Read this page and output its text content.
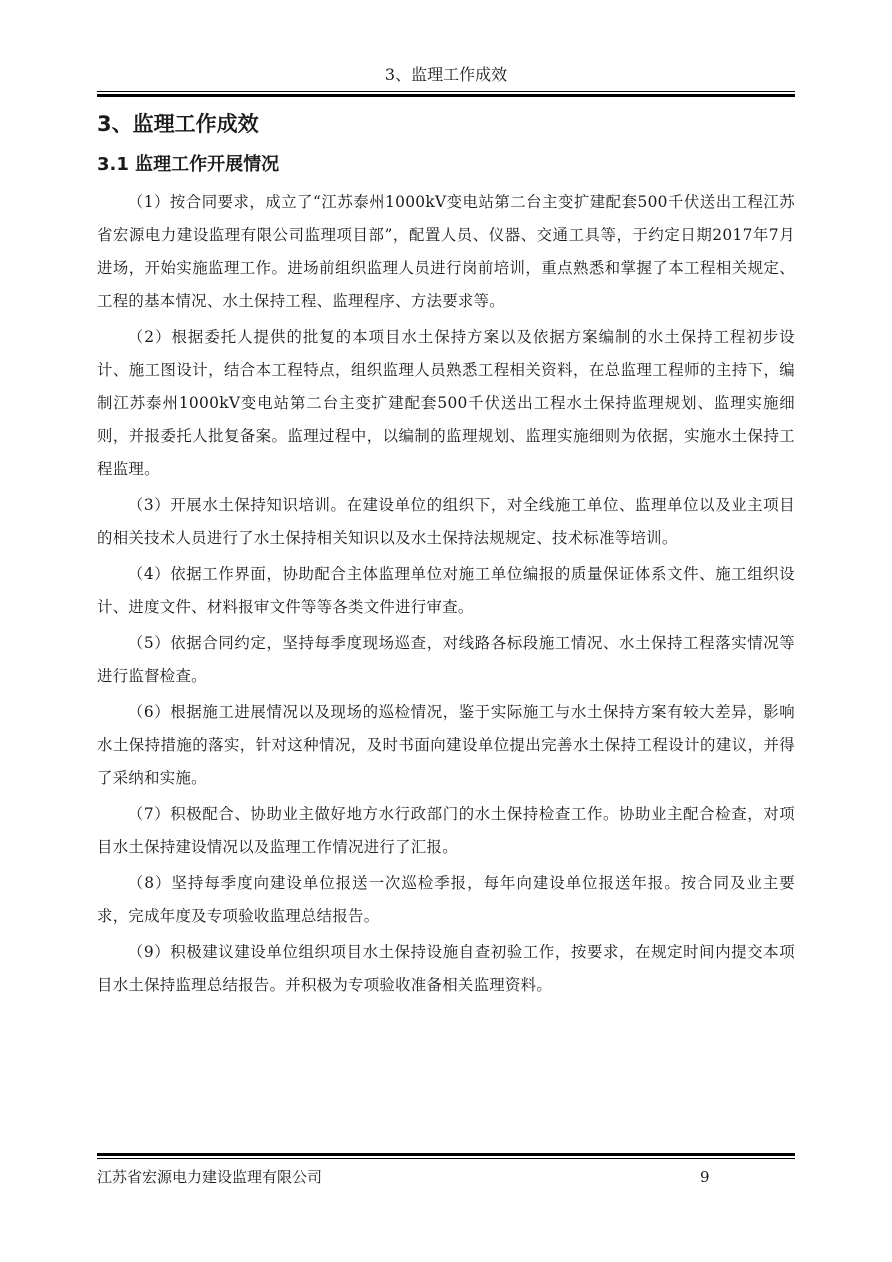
3、监理工作成效
3、监理工作成效
3.1 监理工作开展情况

（1）按合同要求，成立了“江苏泰州1000kV变电站第二台主变扩建配套500千伏送出工程江苏省宏源电力建设监理有限公司监理项目部”，配置人员、仪器、交通工具等，于约定日期2017年7月进场，开始实施监理工作。进场前组织监理人员进行岗前培训，重点熟悉和掌握了本工程相关规定、工程的基本情况、水土保持工程、监理程序、方法要求等。

（2）根据委托人提供的批复的本项目水土保持方案以及依据方案编制的水土保持工程初步设计、施工图设计，结合本工程特点，组织监理人员熟悉工程相关资料，在总监理工程师的主持下，编制江苏泰州1000kV变电站第二台主变扩建配套500千伏送出工程水土保持监理规划、监理实施细则，并报委托人批复备案。监理过程中，以编制的监理规划、监理实施细则为依据，实施水土保持工程监理。

（3）开展水土保持知识培训。在建设单位的组织下，对全线施工单位、监理单位以及业主项目的相关技术人员进行了水土保持相关知识以及水土保持法规规定、技术标准等培训。

（4）依据工作界面，协助配合主体监理单位对施工单位编报的质量保证体系文件、施工组织设计、进度文件、材料报审文件等等各类文件进行审查。

（5）依据合同约定，坚持每季度现场巡查，对线路各标段施工情况、水土保持工程落实情况等进行监督检查。

（6）根据施工进展情况以及现场的巡检情况，鉴于实际施工与水土保持方案有较大差异，影响水土保持措施的落实，针对这种情况，及时书面向建设单位提出完善水土保持工程设计的建议，并得了采纳和实施。

（7）积极配合、协助业主做好地方水行政部门的水土保持检查工作。协助业主配合检查，对项目水土保持建设情况以及监理工作情况进行了汇报。

（8）坚持每季度向建设单位报送一次巡检季报，每年向建设单位报送年报。按合同及业主要求，完成年度及专项验收监理总结报告。

（9）积极建议建设单位组织项目水土保持设施自查初验工作，按要求，在规定时间内提交本项目水土保持监理总结报告。并积极为专项验收准备相关监理资料。

江苏省宏源电力建设监理有限公司	9
